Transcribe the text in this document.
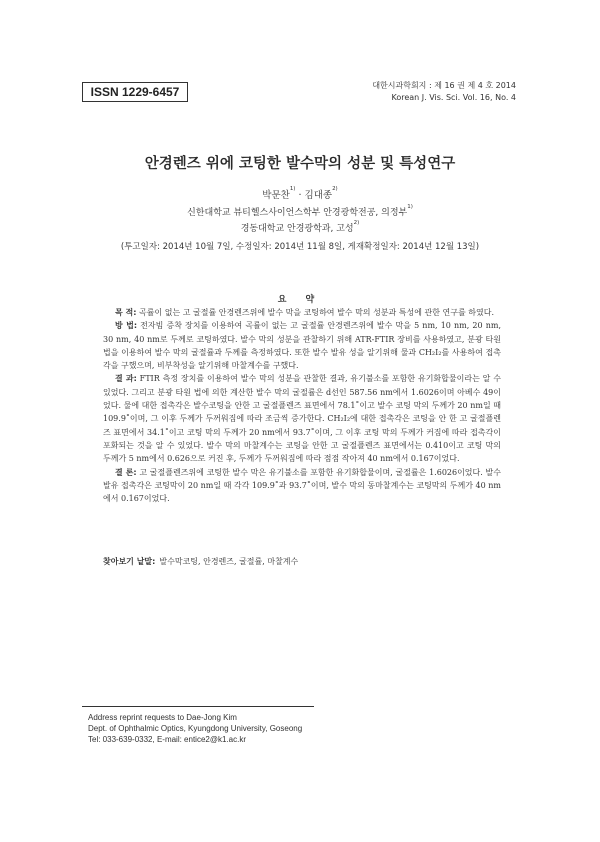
ISSN 1229-6457	대한시과학회지 : 제 16 권 제 4 호 2014
Korean J. Vis. Sci. Vol. 16, No. 4
안경렌즈 위에 코팅한 발수막의 성분 및 특성연구
박문찬$^{1)}$ · 김대종$^{2)}$
신한대학교 뷰티헬스사이언스학부 안경광학전공, 의정부$^{1)}$
경동대학교 안경광학과, 고성$^{2)}$
(투고일자: 2014년 10월 7일, 수정일자: 2014년 11월 8일, 게재확정일자: 2014년 12월 13일)
요 약

목 적: 곡률이 없는 고 굴절률 안경렌즈위에 발수 막을 코팅하여 발수 막의 성분과 특성에 관한 연구를 하였다.

방 법: 전자빔 증착 장치를 이용하여 곡률이 없는 고 굴절률 안경렌즈위에 발수 막을 5 nm, 10 nm, 20 nm, 30 nm, 40 nm로 두께로 코팅하였다. 발수 막의 성분을 관찰하기 위해 ATR-FTIR 장비를 사용하였고, 분광 타원 법을 이용하여 발수 막의 굴절률과 두께를 측정하였다. 또한 발수 발유 성을 알기위해 물과 CH₂I₂를 사용하여 접촉각을 구했으며, 비부착성을 알기위해 마찰계수를 구했다.

결 과: FTIR 측정 장치를 이용하여 발수 막의 성분을 관찰한 결과, 유기불소를 포함한 유기화합물이라는 알 수 있었다. 그리고 분광 타원 법에 의한 계산한 발수 막의 굴절률은 d선인 587.56 nm에서 1.6026이며 아베수 49이었다. 물에 대한 접촉각은 발수코팅을 안한 고 굴절플렌즈 표면에서 78.1˚이고 발수 코팅 막의 두께가 20 nm일 때 109.9˚이며, 그 이후 두께가 두꺼워짐에 따라 조금씩 증가한다. CH₂I₂에 대한 접촉각은 코팅을 안 한 고 굴절플렌즈 표면에서 34.1˚이고 코팅 막의 두께가 20 nm에서 93.7˚이며, 그 이후 코팅 막의 두께가 커짐에 따라 접촉각이 포화되는 것을 알 수 있었다. 발수 막의 마찰계수는 코팅을 안한 고 굴절플렌즈 표면에서는 0.410이고 코팅 막의 두께가 5 nm에서 0.626으로 커진 후, 두께가 두꺼워짐에 따라 점점 작아져 40 nm에서 0.167이었다.

결 론: 고 굴절플렌즈위에 코팅한 발수 막은 유기불소를 포함한 유기화합물이며, 굴절률은 1.6026이었다. 발수 발유 접촉각은 코팅막이 20 nm일 때 각각 109.9˚과 93.7˚이며, 발수 막의 동마찰계수는 코팅막의 두께가 40 nm에서 0.167이었다.

찾아보기 낱말: 발수막코팅, 안경렌즈, 굴절률, 마찰계수
Address reprint requests to Dae-Jong Kim
Dept. of Ophthalmic Optics, Kyungdong University, Goseong
Tel: 033-639-0332, E-mail: entice2@k1.ac.kr
